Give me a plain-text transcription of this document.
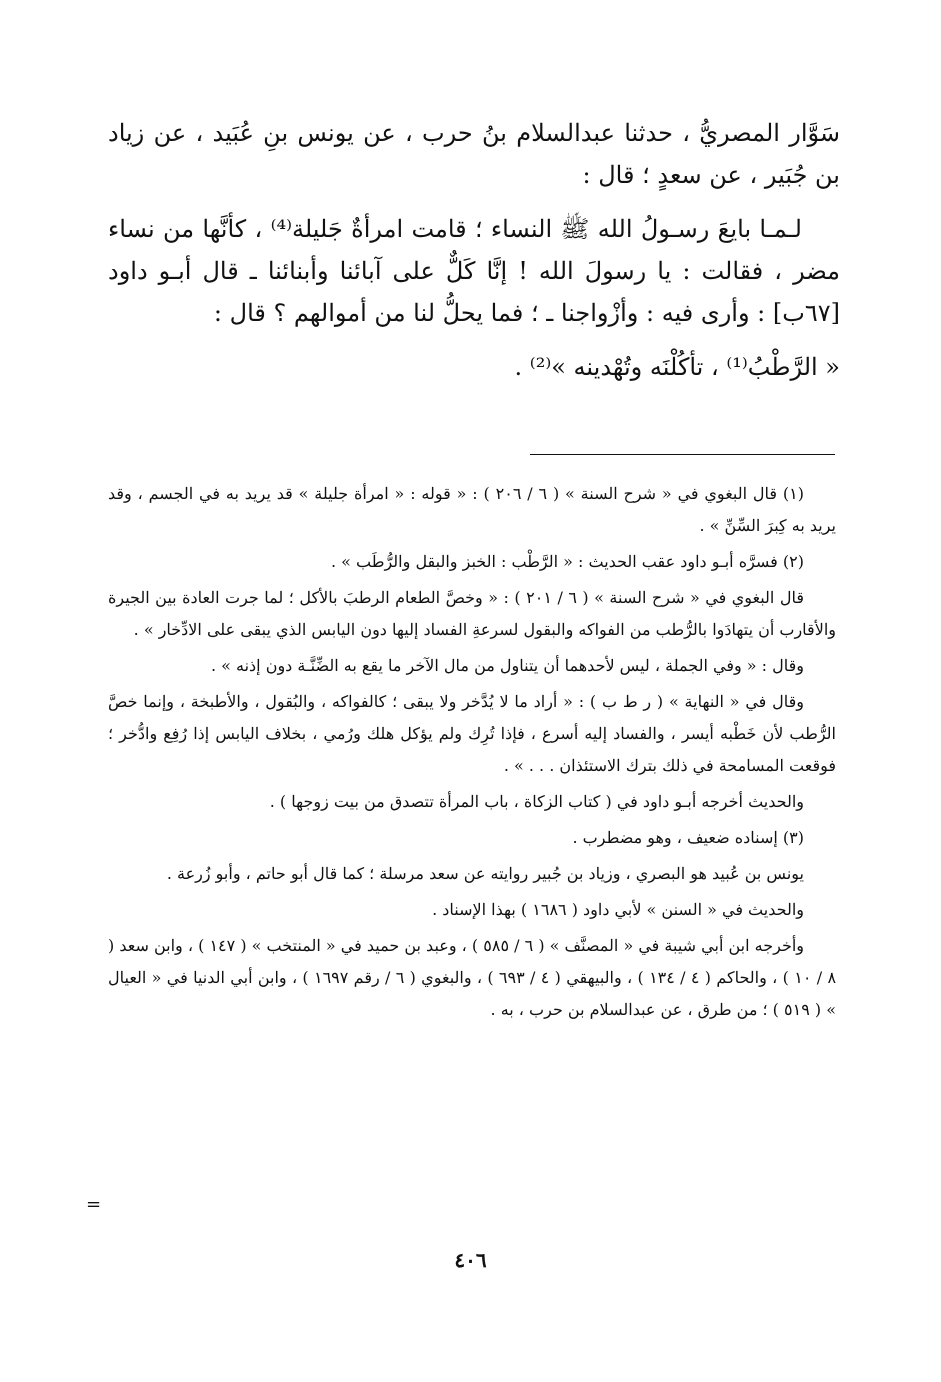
سَوَّار المصريُّ ، حدثنا عبدالسلام بنُ حرب ، عن يونس بنِ عُبَيد ، عن زياد بن جُبَير ، عن سعدٍ ؛ قال :

لـمـا بايعَ رسـولُ الله ﷺ النساء ؛ قامت امرأةٌ جَليلة⁽⁴⁾ ، كأنَّها من نساء مضر ، فقالت : يا رسولَ الله ! إنَّا كَلٌّ على آبائنا وأبنائنا ـ قال أبـو داود [٦٧ب] : وأرى فيه : وأزْواجنا ـ ؛ فما يحلُّ لنا من أموالهم ؟ قال :

« الرَّطْبُ⁽¹⁾ ، تأكُلْنَه وتُهْدينه »⁽²⁾ .

(١) قال البغوي في « شرح السنة » ( ٦ / ٢٠٦ ) : « قوله : « امرأة جليلة » قد يريد به في الجسم ، وقد يريد به كِبرَ السِّنِّ » .

(٢) فسرَّه أبـو داود عقب الحديث : « الرَّطْب : الخبز والبقل والرُّطَب » .

قال البغوي في « شرح السنة » ( ٦ / ٢٠١ ) : « وخصَّ الطعام الرطبَ بالأكل ؛ لما جرت العادة بين الجيرة والأقارب أن يتهادَوا بالرُّطب من الفواكه والبقول لسرعةِ الفساد إليها دون اليابس الذي يبقى على الادِّخار » .

وقال : « وفي الجملة ، ليس لأحدهما أن يتناول من مال الآخر ما يقع به الضِّنَّـة دون إذنه » .

وقال في « النهاية » ( ر ط ب ) : « أراد ما لا يُدَّخر ولا يبقى ؛ كالفواكه ، والبُقول ، والأطبخة ، وإنما خصَّ الرُّطب لأن خَطْبه أيسر ، والفساد إليه أسرع ، فإذا تُرِك ولم يؤكل هلك ورُمي ، بخلاف اليابس إذا رُفِع وادُّخر ؛ فوقعت المسامحة في ذلك بترك الاستئذان . . . » .

والحديث أخرجه أبـو داود في ( كتاب الزكاة ، باب المرأة تتصدق من بيت زوجها ) .

(٣) إسناده ضعيف ، وهو مضطرب .

يونس بن عُبيد هو البصري ، وزياد بن جُبير روايته عن سعد مرسلة ؛ كما قال أبو حاتم ، وأبو زُرعة .

والحديث في « السنن » لأبي داود ( ١٦٨٦ ) بهذا الإسناد .

وأخرجه ابن أبي شيبة في « المصنَّف » ( ٦ / ٥٨٥ ) ، وعبد بن حميد في « المنتخب » ( ١٤٧ ) ، وابن سعد ( ٨ / ١٠ ) ، والحاكم ( ٤ / ١٣٤ ) ، والبيهقي ( ٤ / ٦٩٣ ) ، والبغوي ( ٦ / رقم ١٦٩٧ ) ، وابن أبي الدنيا في « العيال » ( ٥١٩ ) ؛ من طرق ، عن عبدالسلام بن حرب ، به .

=
٤٠٦
